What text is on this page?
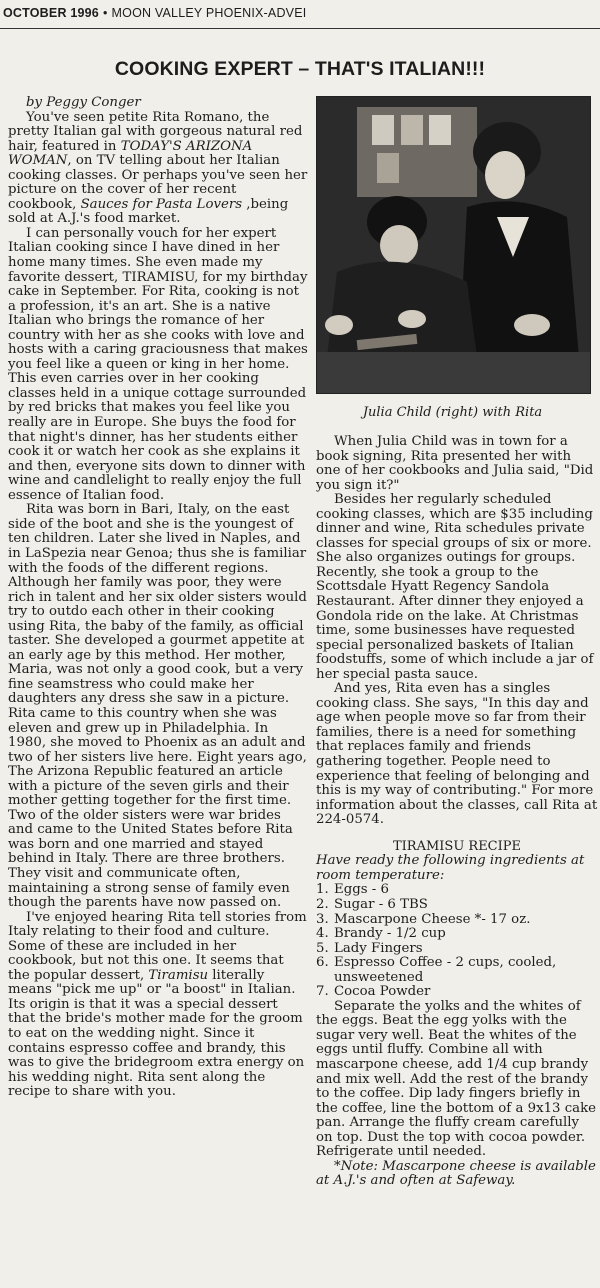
OCTOBER 1996 • MOON VALLEY PHOENIX-ADVEI
COOKING EXPERT – THAT'S ITALIAN!!!

by Peggy Conger

You've seen petite Rita Romano, the pretty Italian gal with gorgeous natural red hair, featured in TODAY'S ARIZONA WOMAN, on TV telling about her Italian cooking classes. Or perhaps you've seen her picture on the cover of her recent cookbook, Sauces for Pasta Lovers ,being sold at A.J.'s food market.

I can personally vouch for her expert Italian cooking since I have dined in her home many times. She even made my favorite dessert, TIRAMISU, for my birthday cake in September. For Rita, cooking is not a profession, it's an art. She is a native Italian who brings the romance of her country with her as she cooks with love and hosts with a caring graciousness that makes you feel like a queen or king in her home. This even carries over in her cooking classes held in a unique cottage surrounded by red bricks that makes you feel like you really are in Europe. She buys the food for that night's dinner, has her students either cook it or watch her cook as she explains it and then, everyone sits down to dinner with wine and candlelight to really enjoy the full essence of Italian food.

Rita was born in Bari, Italy, on the east side of the boot and she is the youngest of ten children. Later she lived in Naples, and in LaSpezia near Genoa; thus she is familiar with the foods of the different regions. Although her family was poor, they were rich in talent and her six older sisters would try to outdo each other in their cooking using Rita, the baby of the family, as official taster. She developed a gourmet appetite at an early age by this method. Her mother, Maria, was not only a good cook, but a very fine seamstress who could make her daughters any dress she saw in a picture. Rita came to this country when she was eleven and grew up in Philadelphia. In 1980, she moved to Phoenix as an adult and two of her sisters live here. Eight years ago, The Arizona Republic featured an article with a picture of the seven girls and their mother getting together for the first time. Two of the older sisters were war brides and came to the United States before Rita was born and one married and stayed behind in Italy. There are three brothers. They visit and communicate often, maintaining a strong sense of family even though the parents have now passed on.

I've enjoyed hearing Rita tell stories from Italy relating to their food and culture. Some of these are included in her cookbook, but not this one. It seems that the popular dessert, Tiramisu literally means "pick me up" or "a boost" in Italian. Its origin is that it was a special dessert that the bride's mother made for the groom to eat on the wedding night. Since it contains espresso coffee and brandy, this was to give the bridegroom extra energy on his wedding night. Rita sent along the recipe to share with you.

Julia Child (right) with Rita

When Julia Child was in town for a book signing, Rita presented her with one of her cookbooks and Julia said, "Did you sign it?"

Besides her regularly scheduled cooking classes, which are $35 including dinner and wine, Rita schedules private classes for special groups of six or more. She also organizes outings for groups. Recently, she took a group to the Scottsdale Hyatt Regency Sandola Restaurant. After dinner they enjoyed a Gondola ride on the lake. At Christmas time, some businesses have requested special personalized baskets of Italian foodstuffs, some of which include a jar of her special pasta sauce.

And yes, Rita even has a singles cooking class. She says, "In this day and age when people move so far from their families, there is a need for something that replaces family and friends gathering together. People need to experience that feeling of belonging and this is my way of contributing." For more information about the classes, call Rita at 224-0574.

TIRAMISU RECIPE
Have ready the following ingredients at room temperature:
1. Eggs - 6
2. Sugar - 6 TBS
3. Mascarpone Cheese *- 17 oz.
4. Brandy - 1/2 cup
5. Lady Fingers
6. Espresso Coffee - 2 cups, cooled,
unsweetened
7. Cocoa Powder

Separate the yolks and the whites of the eggs. Beat the egg yolks with the sugar very well. Beat the whites of the eggs until fluffy. Combine all with mascarpone cheese, add 1/4 cup brandy and mix well. Add the rest of the brandy to the coffee. Dip lady fingers briefly in the coffee, line the bottom of a 9x13 cake pan. Arrange the fluffy cream carefully on top. Dust the top with cocoa powder. Refrigerate until needed.

*Note: Mascarpone cheese is available at A.J.'s and often at Safeway.
